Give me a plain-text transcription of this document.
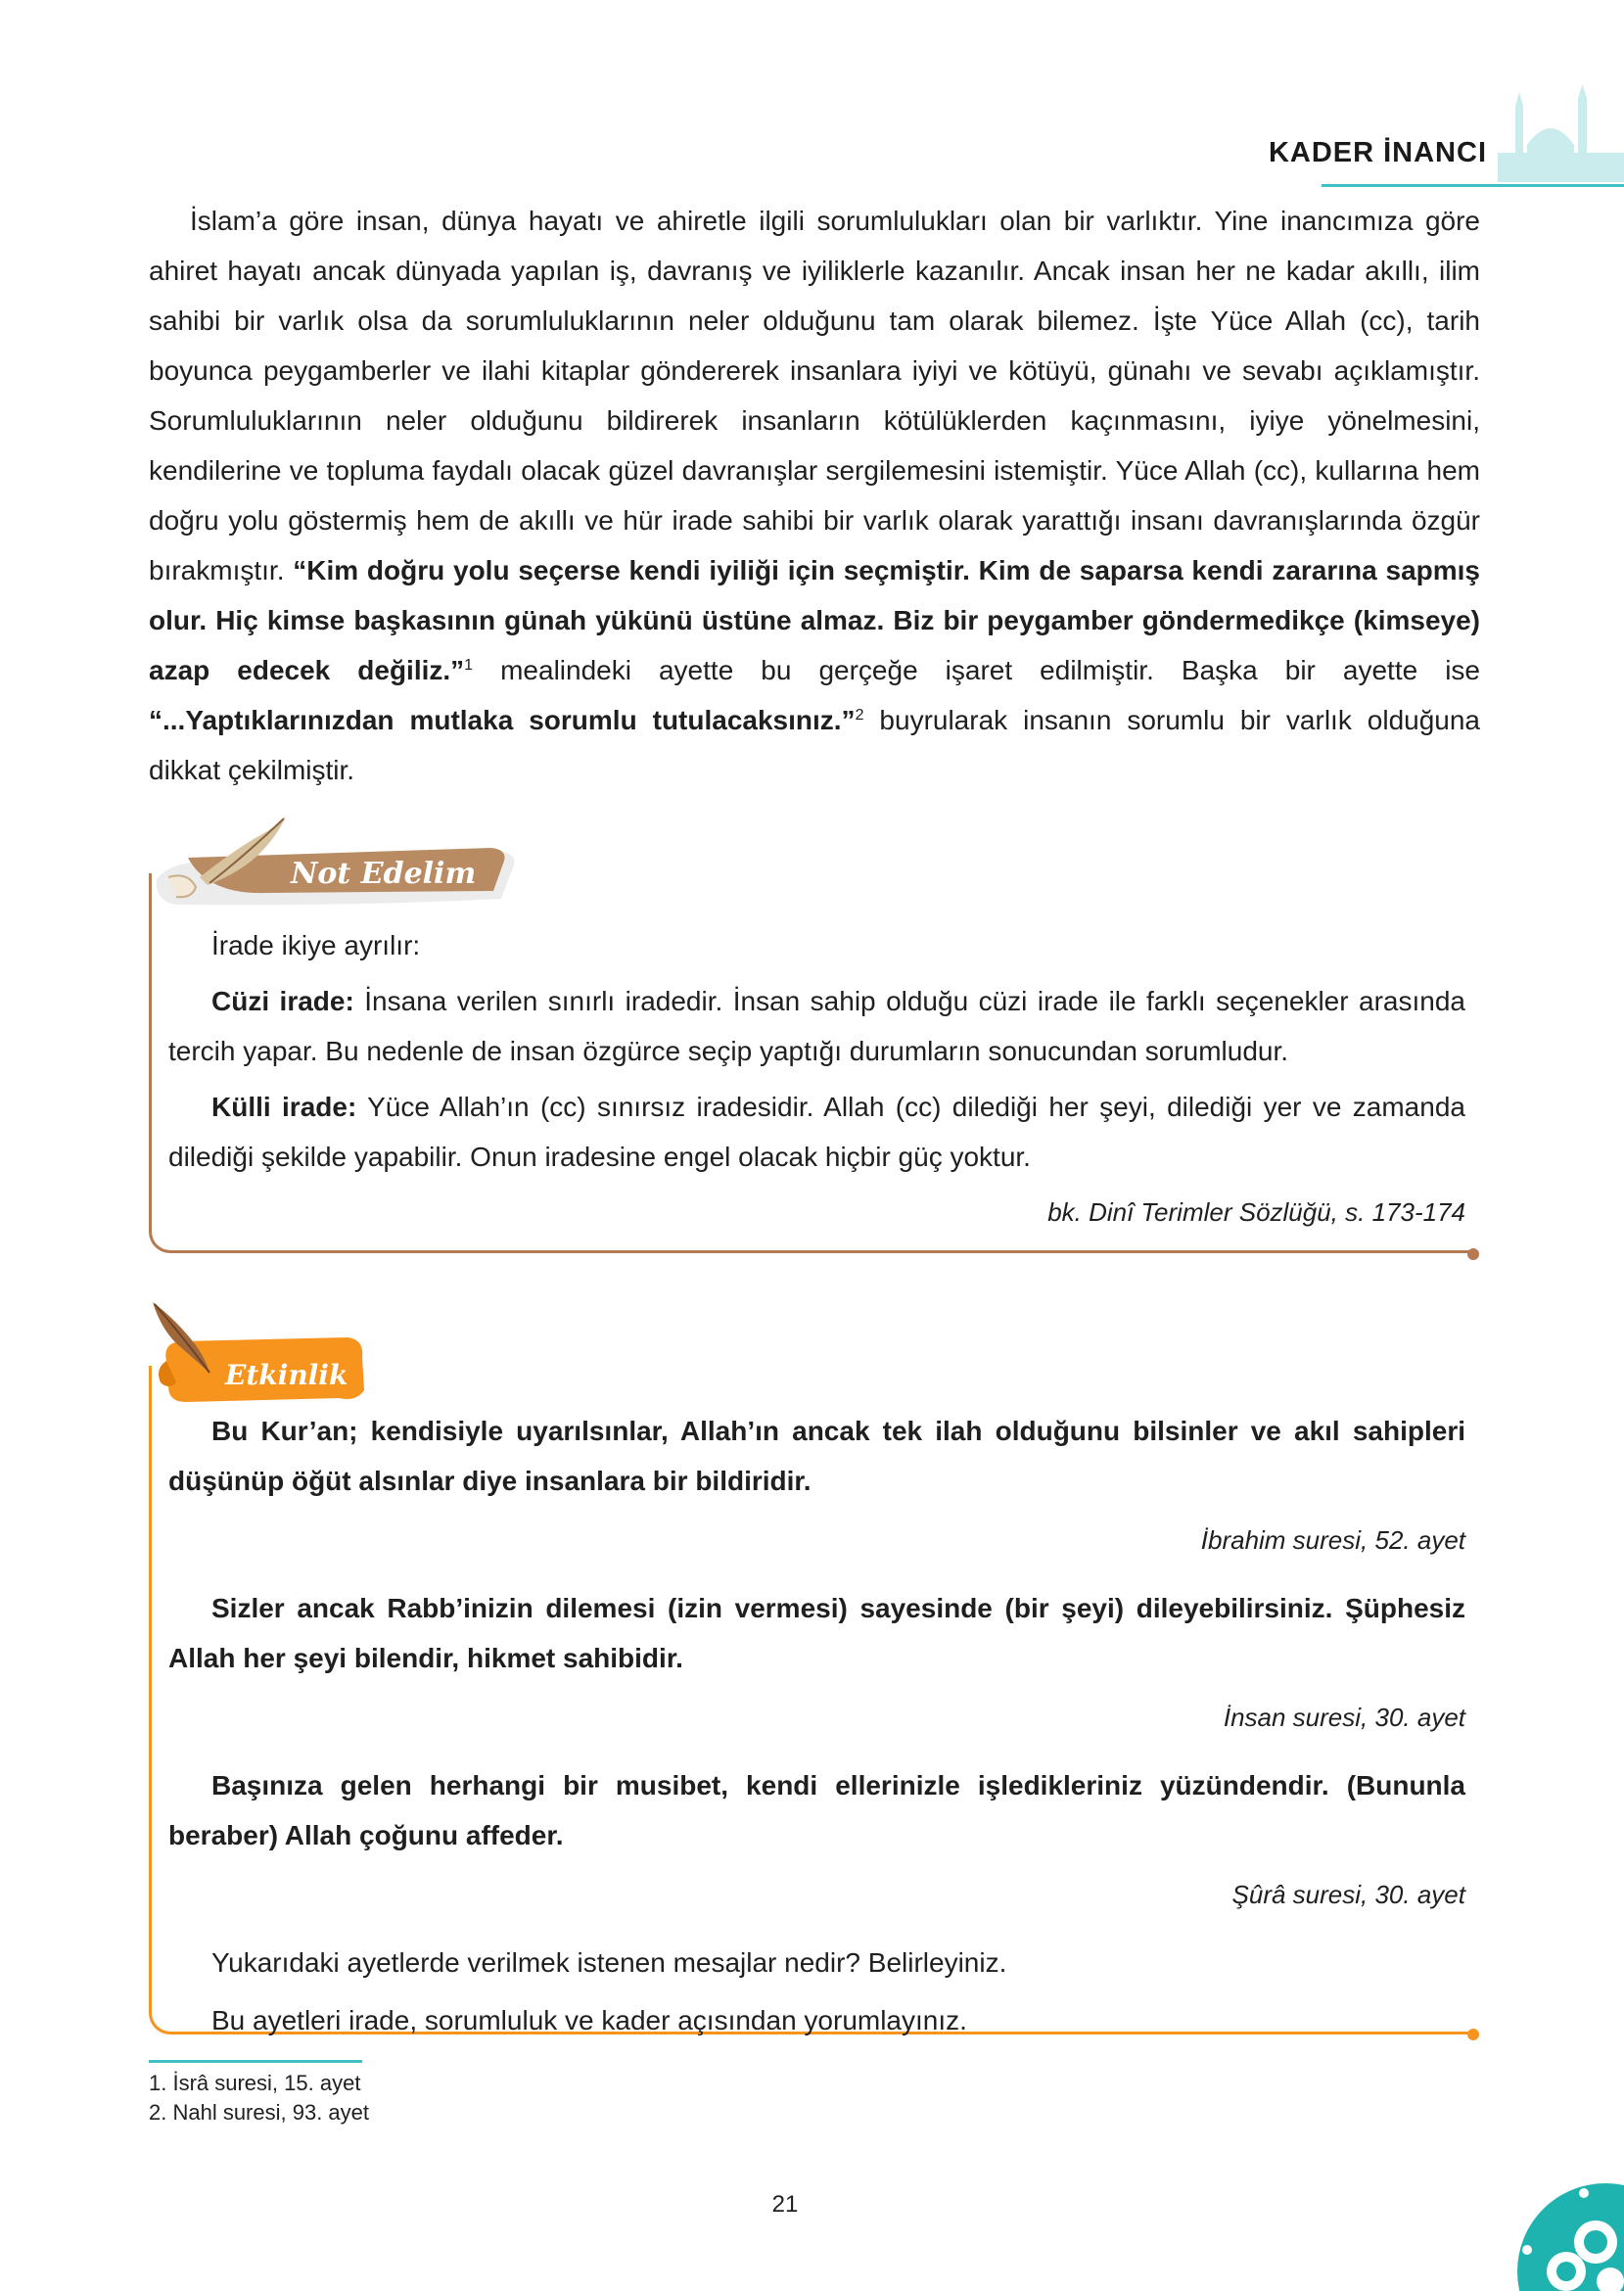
KADER İNANCI

İslam’a göre insan, dünya hayatı ve ahiretle ilgili sorumlulukları olan bir varlıktır. Yine inancımıza göre ahiret hayatı ancak dünyada yapılan iş, davranış ve iyiliklerle kazanılır. Ancak insan her ne kadar akıllı, ilim sahibi bir varlık olsa da sorumluluklarının neler olduğunu tam olarak bilemez. İşte Yüce Allah (cc), tarih boyunca peygamberler ve ilahi kitaplar göndererek insanlara iyiyi ve kötüyü, günahı ve sevabı açıklamıştır. Sorumluluklarının neler olduğunu bildirerek insanların kötülüklerden kaçınmasını, iyiye yönelmesini, kendilerine ve topluma faydalı olacak güzel davranışlar sergilemesini istemiştir. Yüce Allah (cc), kullarına hem doğru yolu göstermiş hem de akıllı ve hür irade sahibi bir varlık olarak yarattığı insanı davranışlarında özgür bırakmıştır. “Kim doğru yolu seçerse kendi iyiliği için seçmiştir. Kim de saparsa kendi zararına sapmış olur. Hiç kimse başkasının günah yükünü üstüne almaz. Biz bir peygamber göndermedikçe (kimseye) azap edecek değiliz.”$^1$ mealindeki ayette bu gerçeğe işaret edilmiştir. Başka bir ayette ise “...Yaptıklarınızdan mutlaka sorumlu tutulacaksınız.”$^2$ buyrularak insanın sorumlu bir varlık olduğuna dikkat çekilmiştir.

Not Edelim

İrade ikiye ayrılır:

Cüzi irade: İnsana verilen sınırlı iradedir. İnsan sahip olduğu cüzi irade ile farklı seçenekler arasında tercih yapar. Bu nedenle de insan özgürce seçip yaptığı durumların sonucundan sorumludur.

Külli irade: Yüce Allah’ın (cc) sınırsız iradesidir. Allah (cc) dilediği her şeyi, dilediği yer ve zamanda dilediği şekilde yapabilir. Onun iradesine engel olacak hiçbir güç yoktur.

bk. Dinî Terimler Sözlüğü, s. 173-174

Etkinlik

Bu Kur’an; kendisiyle uyarılsınlar, Allah’ın ancak tek ilah olduğunu bilsinler ve akıl sahipleri düşünüp öğüt alsınlar diye insanlara bir bildiridir.

İbrahim suresi, 52. ayet

Sizler ancak Rabb’inizin dilemesi (izin vermesi) sayesinde (bir şeyi) dileyebilirsiniz. Şüphesiz Allah her şeyi bilendir, hikmet sahibidir.

İnsan suresi, 30. ayet

Başınıza gelen herhangi bir musibet, kendi ellerinizle işledikleriniz yüzündendir. (Bununla beraber) Allah çoğunu affeder.

Şûrâ suresi, 30. ayet

Yukarıdaki ayetlerde verilmek istenen mesajlar nedir? Belirleyiniz.

Bu ayetleri irade, sorumluluk ve kader açısından yorumlayınız.

1. İsrâ suresi, 15. ayet

2. Nahl suresi, 93. ayet

21
